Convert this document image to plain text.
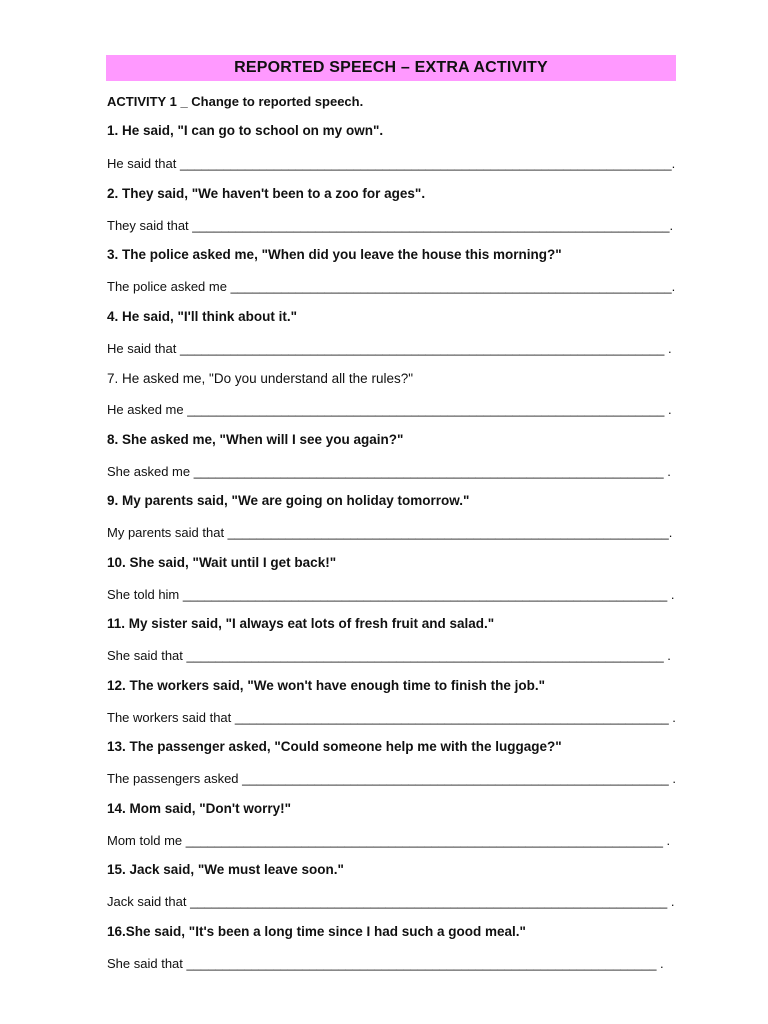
REPORTED SPEECH – EXTRA ACTIVITY
ACTIVITY 1 _ Change to reported speech.
1. He said, "I can go to school on my own".
He said that ____________________________________________________________________.
2. They said, "We haven't been to a zoo for ages".
They said that __________________________________________________________________.
3. The police asked me, "When did you leave the house this morning?"
The police asked me _____________________________________________________________.
4. He said, "I'll think about it."
He said that ___________________________________________________________________ .
7. He asked me, "Do you understand all the rules?"
He asked me __________________________________________________________________ .
8. She asked me, "When will I see you again?"
She asked me _________________________________________________________________ .
9. My parents said, "We are going on holiday tomorrow."
My parents said that _____________________________________________________________.
10. She said, "Wait until I get back!"
She told him ___________________________________________________________________ .
11. My sister said, "I always eat lots of fresh fruit and salad."
She said that __________________________________________________________________ .
12. The workers said, "We won't have enough time to finish the job."
The workers said that ____________________________________________________________ .
13. The passenger asked, "Could someone help me with the luggage?"
The passengers asked ___________________________________________________________ .
14. Mom said, "Don't worry!"
Mom told me __________________________________________________________________ .
15. Jack said, "We must leave soon."
Jack said that __________________________________________________________________ .
16.She said, "It's been a long time since I had such a good meal."
She said that _________________________________________________________________ .
